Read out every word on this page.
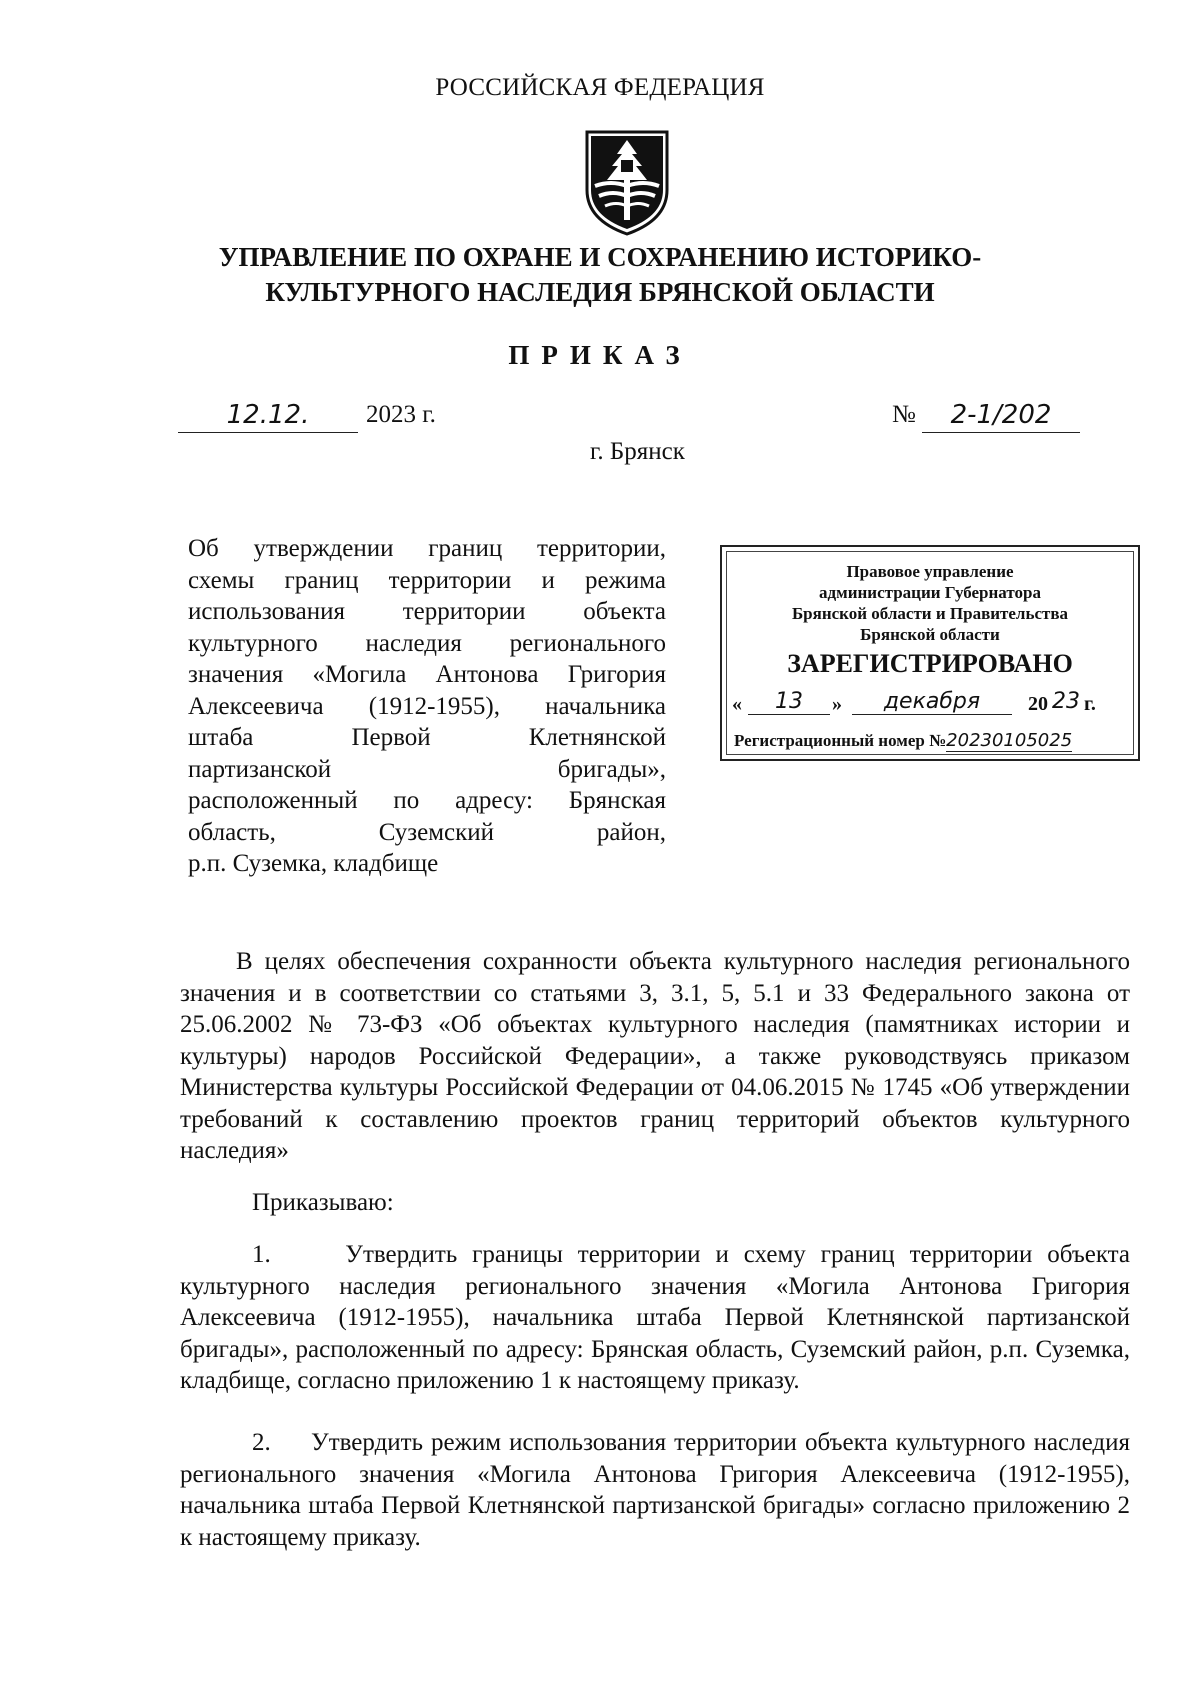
РОССИЙСКАЯ ФЕДЕРАЦИЯ
УПРАВЛЕНИЕ ПО ОХРАНЕ И СОХРАНЕНИЮ ИСТОРИКО-
КУЛЬТУРНОГО НАСЛЕДИЯ БРЯНСКОЙ ОБЛАСТИ
ПРИКАЗ
12.12.	2023 г.	№	2-1/202
г. Брянск
Об утверждении границ территории,
схемы границ территории и режима
использования территории объекта
культурного наследия регионального
значения «Могила Антонова Григория
Алексеевича (1912-1955), начальника
штаба Первой Клетнянской
партизанской бригады»,
расположенный по адресу: Брянская
область, Суземский район,
р.п. Суземка, кладбище
Правовое управление
администрации Губернатора
Брянской области и Правительства
Брянской области
ЗАРЕГИСТРИРОВАНО
«	13	»	декабря	20 23 г.
Регистрационный номер №20230105025

В целях обеспечения сохранности объекта культурного наследия регионального значения и в соответствии со статьями 3, 3.1, 5, 5.1 и 33 Федерального закона от 25.06.2002 № 73-ФЗ «Об объектах культурного наследия (памятниках истории и культуры) народов Российской Федерации», а также руководствуясь приказом Министерства культуры Российской Федерации от 04.06.2015 № 1745 «Об утверждении требований к составлению проектов границ территорий объектов культурного наследия»

Приказываю:

1.     Утвердить границы территории и схему границ территории объекта культурного наследия регионального значения «Могила Антонова Григория Алексеевича (1912-1955), начальника штаба Первой Клетнянской партизанской бригады», расположенный по адресу: Брянская область, Суземский район, р.п. Суземка, кладбище, согласно приложению 1 к настоящему приказу.

2.     Утвердить режим использования территории объекта культурного наследия регионального значения «Могила Антонова Григория Алексеевича (1912-1955), начальника штаба Первой Клетнянской партизанской бригады» согласно приложению 2 к настоящему приказу.
